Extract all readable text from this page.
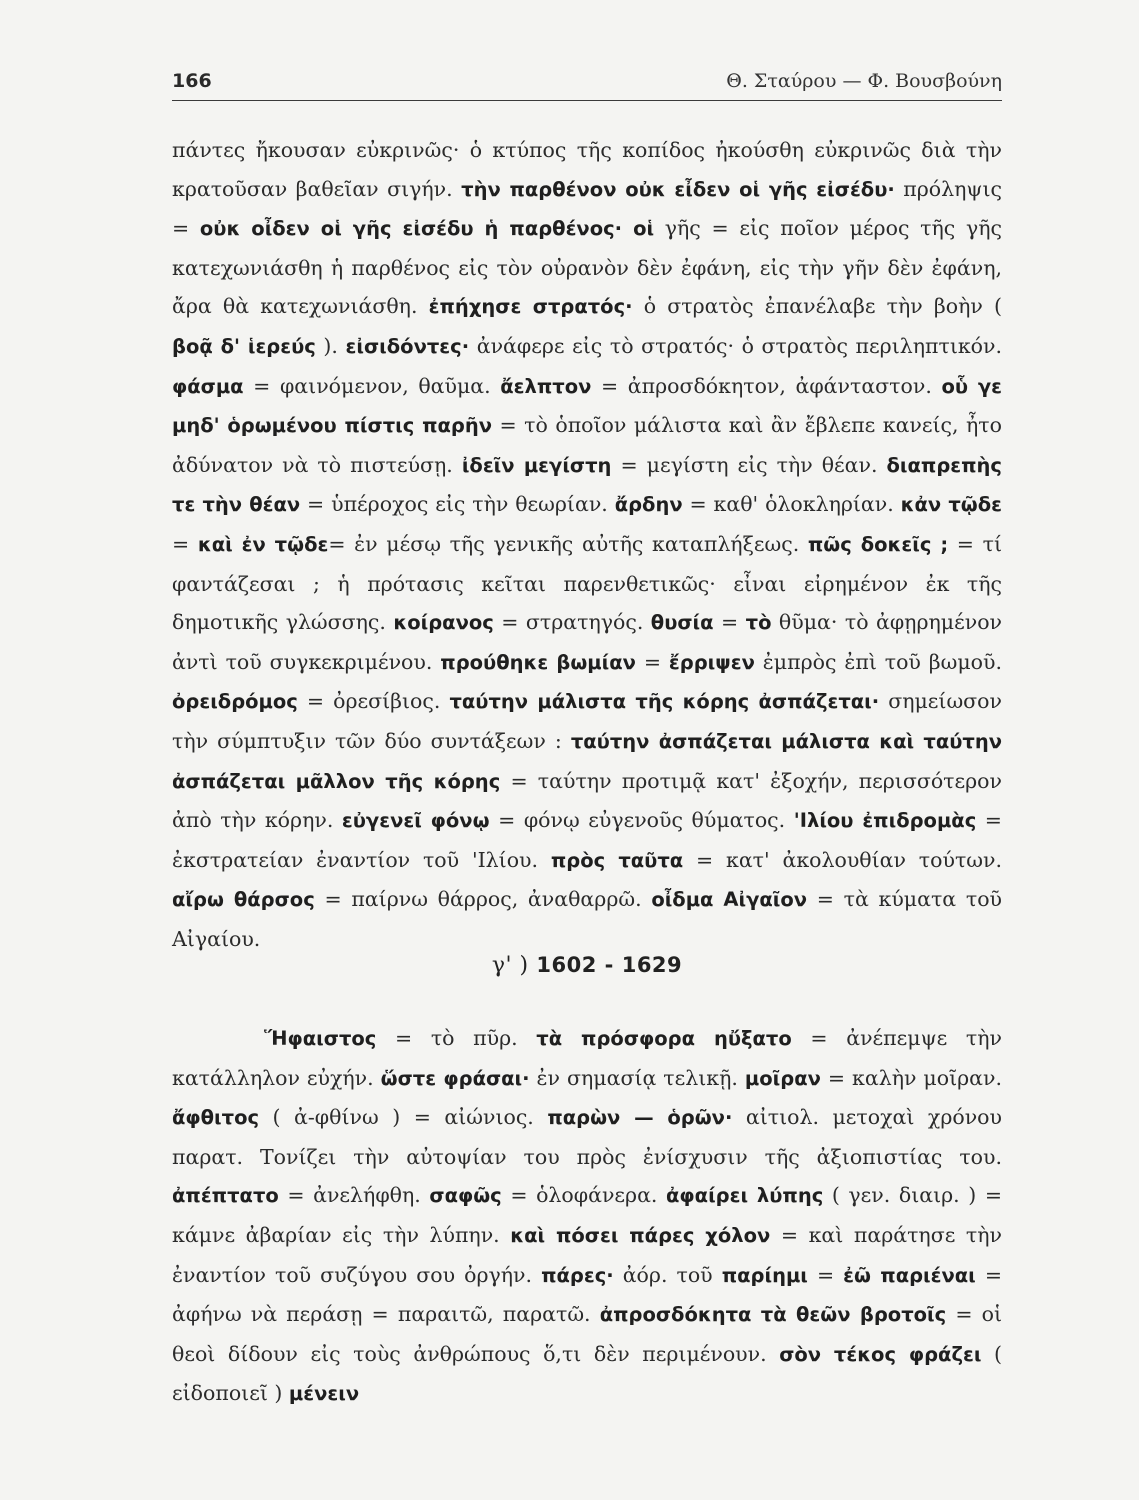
166	Θ. Σταύρου — Φ. Βουσβούνη

πάντες ἤκουσαν εὐκρινῶς· ὁ κτύπος τῆς κοπίδος ἠκούσθη εὐκρινῶς διὰ τὴν κρατοῦσαν βαθεῖαν σιγήν. τὴν παρθένον οὐκ εἶδεν οἱ γῆς εἰσέδυ· πρόληψις = οὐκ οἶδεν οἱ γῆς εἰσέδυ ἡ παρθένος· οἱ γῆς = εἰς ποῖον μέρος τῆς γῆς κατεχωνιάσθη ἡ παρθένος εἰς τὸν οὐρανὸν δὲν ἐφάνη, εἰς τὴν γῆν δὲν ἐφάνη, ἄρα θὰ κατεχωνιάσθη. ἐπήχησε στρατός· ὁ στρατὸς ἐπανέλαβε τὴν βοὴν ( βοᾷ δ' ἱερεύς ). εἰσιδόντες· ἀνάφερε εἰς τὸ στρατός· ὁ στρατὸς περιληπτικόν. φάσμα = φαινόμενον, θαῦμα. ἄελπτον = ἀπροσδόκητον, ἀφάνταστον. οὗ γε μηδ' ὁρωμένου πίστις παρῆν = τὸ ὁποῖον μάλιστα καὶ ἂν ἔβλεπε κανείς, ἦτο ἀδύνατον νὰ τὸ πιστεύσῃ. ἰδεῖν μεγίστη = μεγίστη εἰς τὴν θέαν. διαπρεπὴς τε τὴν θέαν = ὑπέροχος εἰς τὴν θεωρίαν. ἄρδην = καθ' ὁλοκληρίαν. κἀν τῷδε = καὶ ἐν τῷδε= ἐν μέσῳ τῆς γενικῆς αὐτῆς καταπλήξεως. πῶς δοκεῖς ; = τί φαντάζεσαι ; ἡ πρότασις κεῖται παρενθετικῶς· εἶναι εἰρημένον ἐκ τῆς δημοτικῆς γλώσσης. κοίρανος = στρατηγός. θυσία = τὸ θῦμα· τὸ ἀφῃρημένον ἀντὶ τοῦ συγκεκριμένου. προύθηκε βωμίαν = ἔρριψεν ἐμπρὸς ἐπὶ τοῦ βωμοῦ. ὀρειδρόμος = ὀρεσίβιος. ταύτην μάλιστα τῆς κόρης ἀσπάζεται· σημείωσον τὴν σύμπτυξιν τῶν δύο συντάξεων : ταύτην ἀσπάζεται μάλιστα καὶ ταύτην ἀσπάζεται μᾶλλον τῆς κόρης = ταύτην προτιμᾷ κατ' ἐξοχήν, περισσότερον ἀπὸ τὴν κόρην. εὐγενεῖ φόνῳ = φόνῳ εὐγενοῦς θύματος. 'Ιλίου ἐπιδρομὰς = ἐκστρατείαν ἐναντίον τοῦ 'Ιλίου. πρὸς ταῦτα = κατ' ἀκολουθίαν τούτων. αἴρω θάρσος = παίρνω θάρρος, ἀναθαρρῶ. οἶδμα Αἰγαῖον = τὰ κύματα τοῦ Αἰγαίου.

γ' ) 1602 - 1629

Ἥφαιστος = τὸ πῦρ. τὰ πρόσφορα ηὔξατο = ἀνέπεμψε τὴν κατάλληλον εὐχήν. ὥστε φράσαι· ἐν σημασίᾳ τελικῇ. μοῖραν = καλὴν μοῖραν. ἄφθιτος ( ἀ-φθίνω ) = αἰώνιος. παρὼν — ὁρῶν· αἰτιολ. μετοχαὶ χρόνου παρατ. Τονίζει τὴν αὐτοψίαν του πρὸς ἐνίσχυσιν τῆς ἀξιοπιστίας του. ἀπέπτατο = ἀνελήφθη. σαφῶς = ὁλοφάνερα. ἀφαίρει λύπης ( γεν. διαιρ. ) = κάμνε ἀβαρίαν εἰς τὴν λύπην. καὶ πόσει πάρες χόλον = καὶ παράτησε τὴν ἐναντίον τοῦ συζύγου σου ὀργήν. πάρες· ἀόρ. τοῦ παρίημι = ἐῶ παριέναι = ἀφήνω νὰ περάσῃ = παραιτῶ, παρατῶ. ἀπροσδόκητα τὰ θεῶν βροτοῖς = οἱ θεοὶ δίδουν εἰς τοὺς ἀνθρώπους ὅ,τι δὲν περιμένουν. σὸν τέκος φράζει ( εἰδοποιεῖ ) μένειν
